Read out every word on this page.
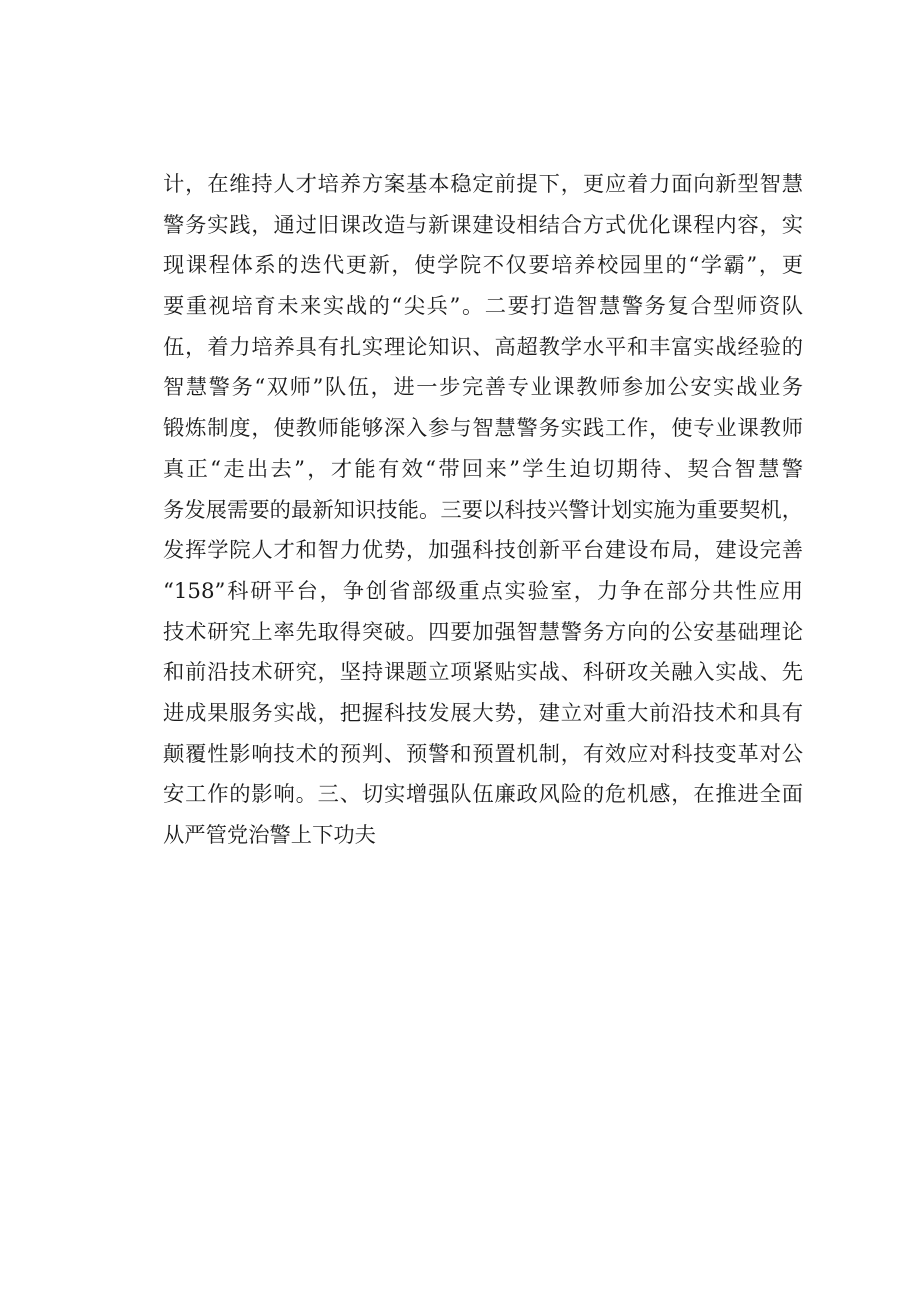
计，在维持人才培养方案基本稳定前提下，更应着力面向新型智慧
警务实践，通过旧课改造与新课建设相结合方式优化课程内容，实
现课程体系的迭代更新，使学院不仅要培养校园里的“学霸”，更
要重视培育未来实战的“尖兵”。二要打造智慧警务复合型师资队
伍，着力培养具有扎实理论知识、高超教学水平和丰富实战经验的
智慧警务“双师”队伍，进一步完善专业课教师参加公安实战业务
锻炼制度，使教师能够深入参与智慧警务实践工作，使专业课教师
真正“走出去”，才能有效“带回来”学生迫切期待、契合智慧警
务发展需要的最新知识技能。三要以科技兴警计划实施为重要契机，
发挥学院人才和智力优势，加强科技创新平台建设布局，建设完善
“158”科研平台，争创省部级重点实验室，力争在部分共性应用
技术研究上率先取得突破。四要加强智慧警务方向的公安基础理论
和前沿技术研究，坚持课题立项紧贴实战、科研攻关融入实战、先
进成果服务实战，把握科技发展大势，建立对重大前沿技术和具有
颠覆性影响技术的预判、预警和预置机制，有效应对科技变革对公
安工作的影响。三、切实增强队伍廉政风险的危机感，在推进全面
从严管党治警上下功夫
